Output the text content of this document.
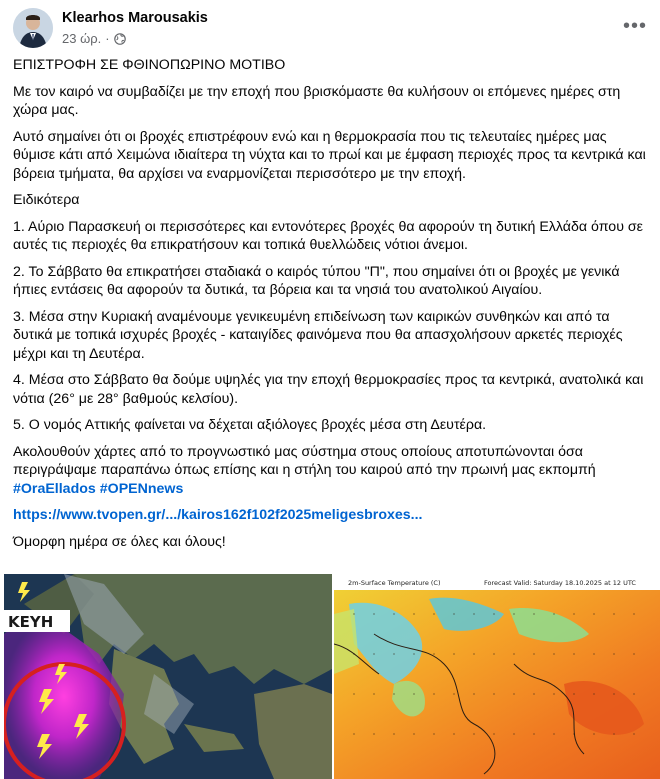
Klearhos Marousakis
23 ώρ. ·
•••

ΕΠΙΣΤΡΟΦΗ ΣΕ ΦΘΙΝΟΠΩΡΙΝΟ ΜΟΤΙΒΟ

Με τον καιρό να συμβαδίζει με την εποχή που βρισκόμαστε θα κυλήσουν οι επόμενες ημέρες στη χώρα μας.

Αυτό σημαίνει ότι οι βροχές επιστρέφουν ενώ και η θερμοκρασία που τις τελευταίες ημέρες μας θύμισε κάτι από Χειμώνα ιδιαίτερα τη νύχτα και το πρωί και με έμφαση περιοχές προς τα κεντρικά και βόρεια τμήματα, θα αρχίσει να εναρμονίζεται περισσότερο με την εποχή.

Ειδικότερα

1. Αύριο Παρασκευή οι περισσότερες και εντονότερες βροχές θα αφορούν τη δυτική Ελλάδα όπου σε αυτές τις περιοχές θα επικρατήσουν και τοπικά θυελλώδεις νότιοι άνεμοι.

2. Το Σάββατο θα επικρατήσει σταδιακά ο καιρός τύπου "Π", που σημαίνει ότι οι βροχές με γενικά ήπιες εντάσεις θα αφορούν τα δυτικά, τα βόρεια και τα νησιά του ανατολικού Αιγαίου.

3. Μέσα στην Κυριακή αναμένουμε γενικευμένη επιδείνωση των καιρικών συνθηκών και από τα δυτικά με τοπικά ισχυρές βροχές - καταιγίδες φαινόμενα που θα απασχολήσουν αρκετές περιοχές μέχρι και τη Δευτέρα.

4. Μέσα στο Σάββατο θα δούμε υψηλές για την εποχή θερμοκρασίες προς τα κεντρικά, ανατολικά και νότια (26° με 28° βαθμούς κελσίου).

5. Ο νομός Αττικής φαίνεται να δέχεται αξιόλογες βροχές μέσα στη Δευτέρα.

Ακολουθούν χάρτες από το προγνωστικό μας σύστημα στους οποίους αποτυπώνονται όσα περιγράψαμε παραπάνω όπως επίσης και η στήλη του καιρού από την πρωινή μας εκπομπή
#OraEllados #OPENnews

https://www.tvopen.gr/.../kairos162f102f2025meligesbroxes...

Όμορφη ημέρα σε όλες και όλους!

ΚΕΥΗ
2m-Surface Temperature (C)	Forecast Valid: Saturday 18.10.2025 at 12 UTC
